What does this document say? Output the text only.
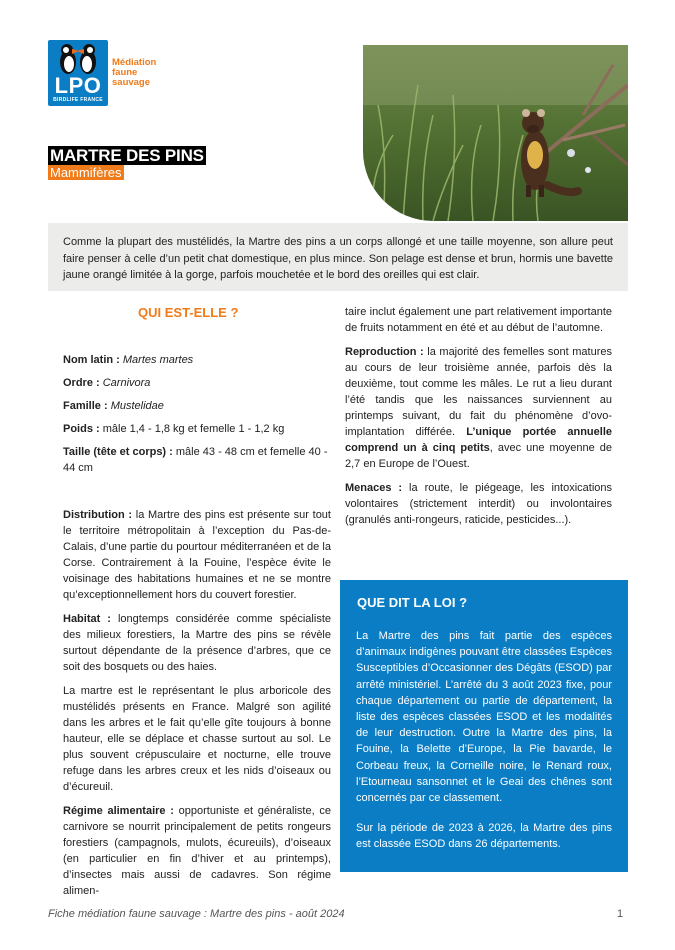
LPO
BIRDLIFE FRANCE
Médiation
faune
sauvage
MARTRE DES PINS
Mammifères
Comme la plupart des mustélidés, la Martre des pins a un corps allongé et une taille moyenne, son allure peut faire penser à celle d’un petit chat domestique, en plus mince. Son pelage est dense et brun, hormis une bavette jaune orangé limitée à la gorge, parfois mouchetée et le bord des oreilles qui est clair.
QUI EST-ELLE ?

Nom latin : Martes martes

Ordre : Carnivora

Famille : Mustelidae

Poids : mâle 1,4 - 1,8 kg et femelle 1 - 1,2 kg

Taille (tête et corps) : mâle 43 - 48 cm et femelle 40 - 44 cm

Distribution : la Martre des pins est présente sur tout le territoire métropolitain à l’exception du Pas-de-Calais, d’une partie du pourtour méditerranéen et de la Corse. Contrairement à la Fouine, l’espèce évite le voisinage des habitations humaines et ne se montre qu’exceptionnellement hors du couvert forestier.

Habitat : longtemps considérée comme spécialiste des milieux forestiers, la Martre des pins se révèle surtout dépendante de la présence d’arbres, que ce soit des bosquets ou des haies.

La martre est le représentant le plus arboricole des mustélidés présents en France. Malgré son agilité dans les arbres et le fait qu’elle gîte toujours à bonne hauteur, elle se déplace et chasse surtout au sol. Le plus souvent crépusculaire et nocturne, elle trouve refuge dans les arbres creux et les nids d’oiseaux ou d’écureuil.

Régime alimentaire : opportuniste et généraliste, ce carnivore se nourrit principalement de petits rongeurs forestiers (campagnols, mulots, écureuils), d’oiseaux (en particulier en fin d’hiver et au printemps), d’insectes mais aussi de cadavres. Son régime alimen-

taire inclut également une part relativement importante de fruits notamment en été et au début de l’automne.

Reproduction : la majorité des femelles sont matures au cours de leur troisième année, parfois dès la deuxième, tout comme les mâles. Le rut a lieu durant l’été tandis que les naissances surviennent au printemps suivant, du fait du phénomène d’ovo-implantation différée. L’unique portée annuelle comprend un à cinq petits, avec une moyenne de 2,7 en Europe de l’Ouest.

Menaces : la route, le piégeage, les intoxications volontaires (strictement interdit) ou involontaires (granulés anti-rongeurs, raticide, pesticides...).

QUE DIT LA LOI ?

La Martre des pins fait partie des espèces d’animaux indigènes pouvant être classées Espèces Susceptibles d’Occasionner des Dégâts (ESOD) par arrêté ministériel. L’arrêté du 3 août 2023 fixe, pour chaque département ou partie de département, la liste des espèces classées ESOD et les modalités de leur destruction. Outre la Martre des pins, la Fouine, la Belette d’Europe, la Pie bavarde, le Corbeau freux, la Corneille noire, le Renard roux, l’Etourneau sansonnet et le Geai des chênes sont concernés par ce classement.

Sur la période de 2023 à 2026, la Martre des pins est classée ESOD dans 26 départements.

Fiche médiation faune sauvage : Martre des pins - août 2024	1
